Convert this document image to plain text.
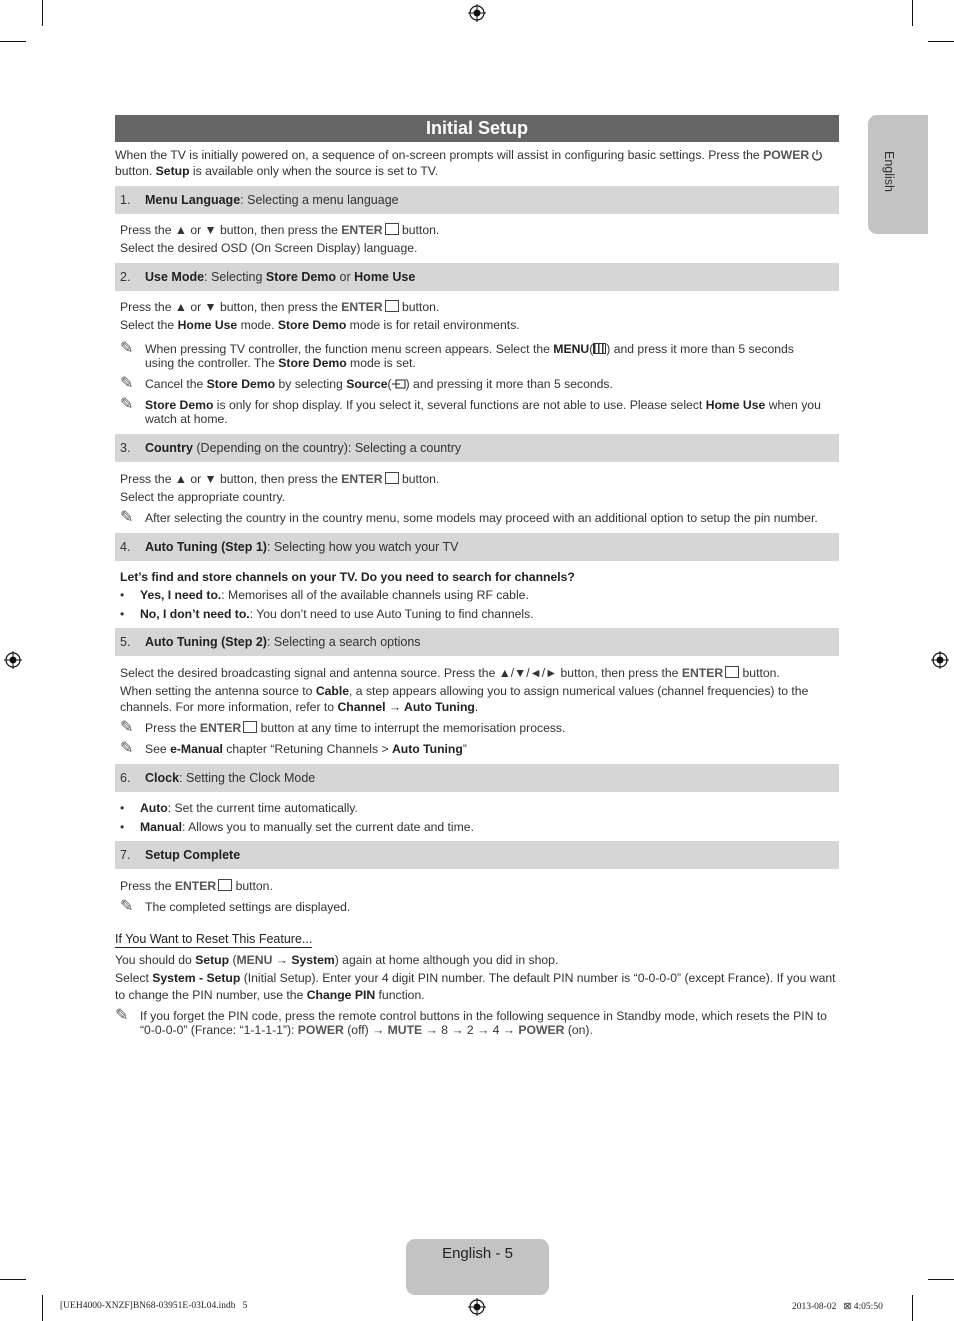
English
Initial Setup
When the TV is initially powered on, a sequence of on-screen prompts will assist in configuring basic settings. Press the POWER
button. Setup is available only when the source is set to TV.
1. Menu Language: Selecting a menu language
Press the ▲ or ▼ button, then press the ENTER button.
Select the desired OSD (On Screen Display) language.
2. Use Mode: Selecting Store Demo or Home Use
Press the ▲ or ▼ button, then press the ENTER button.
Select the Home Use mode. Store Demo mode is for retail environments.
✎ When pressing TV controller, the function menu screen appears. Select the MENU( ) and press it more than 5 seconds
using the controller. The Store Demo mode is set.
✎ Cancel the Store Demo by selecting Source( ) and pressing it more than 5 seconds.
✎ Store Demo is only for shop display. If you select it, several functions are not able to use. Please select Home Use when you
watch at home.
3. Country (Depending on the country): Selecting a country
Press the ▲ or ▼ button, then press the ENTER button.
Select the appropriate country.
✎ After selecting the country in the country menu, some models may proceed with an additional option to setup the pin number.
4. Auto Tuning (Step 1): Selecting how you watch your TV
Let’s find and store channels on your TV. Do you need to search for channels?
• Yes, I need to.: Memorises all of the available channels using RF cable.
• No, I don’t need to.: You don’t need to use Auto Tuning to find channels.
5. Auto Tuning (Step 2): Selecting a search options
Select the desired broadcasting signal and antenna source. Press the ▲/▼/◄/► button, then press the ENTER button.
When setting the antenna source to Cable, a step appears allowing you to assign numerical values (channel frequencies) to the
channels. For more information, refer to Channel → Auto Tuning.
✎ Press the ENTER button at any time to interrupt the memorisation process.
✎ See e-Manual chapter “Retuning Channels > Auto Tuning”
6. Clock: Setting the Clock Mode
• Auto: Set the current time automatically.
• Manual: Allows you to manually set the current date and time.
7. Setup Complete
Press the ENTER button.
✎ The completed settings are displayed.
If You Want to Reset This Feature...
You should do Setup (MENU → System) again at home although you did in shop.
Select System - Setup (Initial Setup). Enter your 4 digit PIN number. The default PIN number is “0-0-0-0” (except France). If you want
to change the PIN number, use the Change PIN function.
✎ If you forget the PIN code, press the remote control buttons in the following sequence in Standby mode, which resets the PIN to
“0-0-0-0” (France: “1-1-1-1”): POWER (off) → MUTE → 8 → 2 → 4 → POWER (on).
English - 5
[UEH4000-XNZF]BN68-03951E-03L04.indb   5	2013-08-02   ⊠ 4:05:50
